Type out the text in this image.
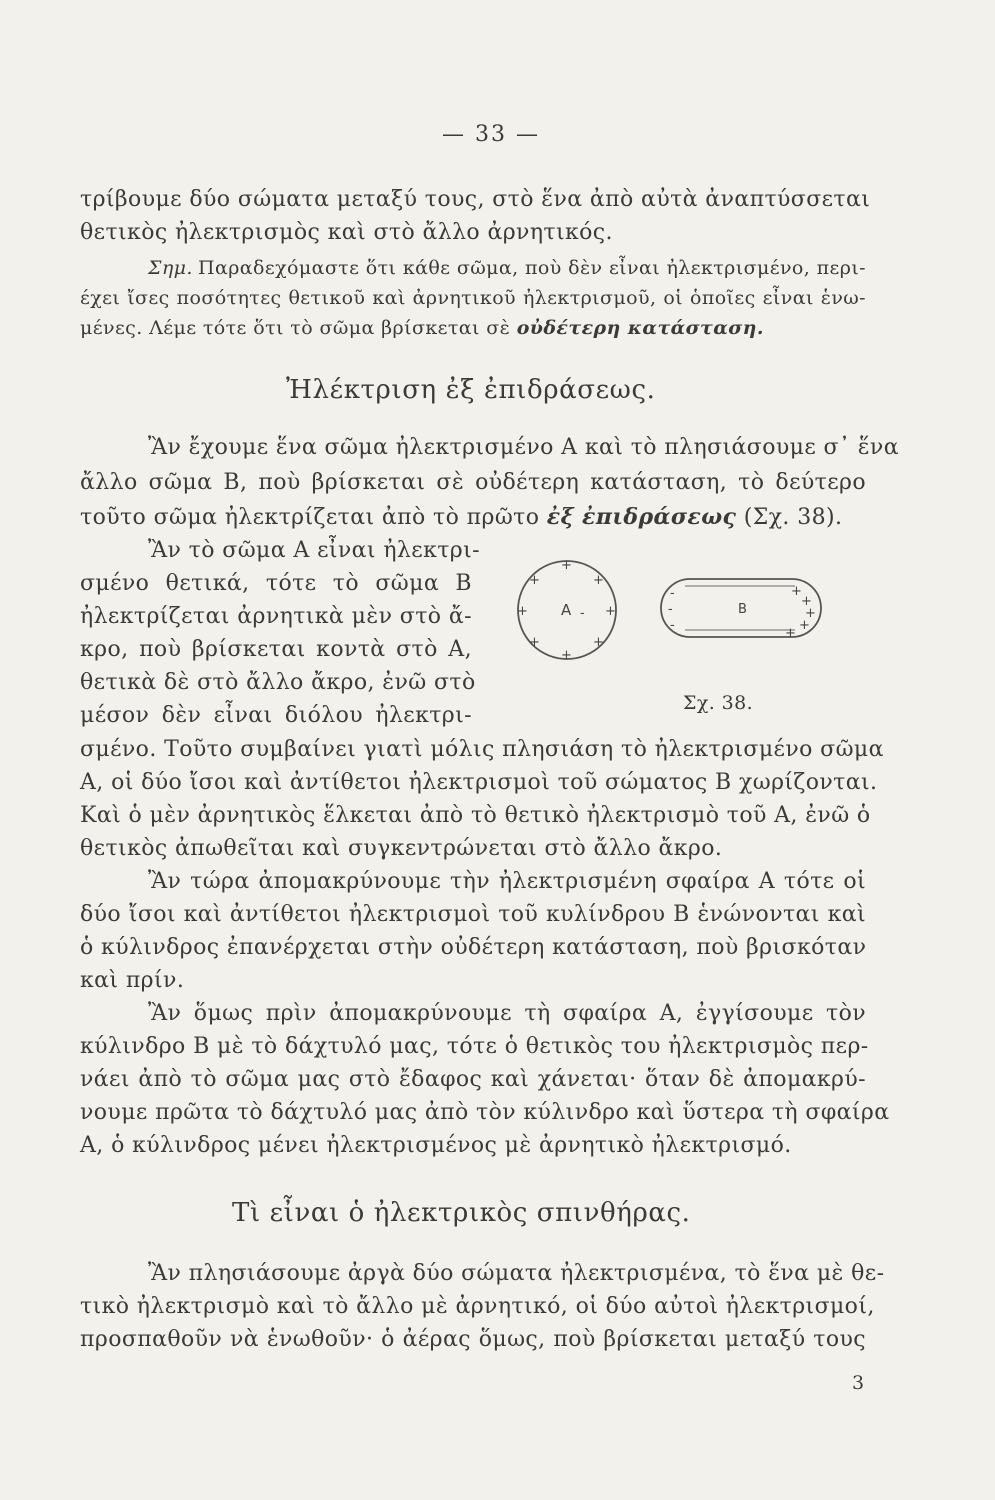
— 33 —
τρίβουμε δύο σώματα μεταξύ τους, στὸ ἕνα ἀπὸ αὐτὰ ἀναπτύσσεται
θετικὸς ἠλεκτρισμὸς καὶ στὸ ἄλλο ἀρνητικός.
Σημ. Παραδεχόμαστε ὅτι κάθε σῶμα, ποὺ δὲν εἶναι ἠλεκτρισμένο, περι-
έχει ἴσες ποσότητες θετικοῦ καὶ ἀρνητικοῦ ἠλεκτρισμοῦ, οἱ ὁποῖες εἶναι ἑνω-
μένες. Λέμε τότε ὅτι τὸ σῶμα βρίσκεται σὲ οὐδέτερη κατάσταση.
Ἠλέκτριση ἐξ ἐπιδράσεως.
Ἂν ἔχουμε ἕνα σῶμα ἠλεκτρισμένο Α καὶ τὸ πλησιάσουμε σ᾽ ἕνα
ἄλλο σῶμα Β, ποὺ βρίσκεται σὲ οὐδέτερη κατάσταση, τὸ δεύτερο
τοῦτο σῶμα ἠλεκτρίζεται ἀπὸ τὸ πρῶτο ἐξ ἐπιδράσεως (Σχ. 38).
Ἂν τὸ σῶμα Α εἶναι ἠλεκτρι-
σμένο θετικά, τότε τὸ σῶμα Β
ἠλεκτρίζεται ἀρνητικὰ μὲν στὸ ἄ-
κρο, ποὺ βρίσκεται κοντὰ στὸ Α,
θετικὰ δὲ στὸ ἄλλο ἄκρο, ἐνῶ στὸ
μέσον δὲν εἶναι διόλου ἠλεκτρι-
Α -
+
+	+
+	+
+	+
+
Β
-
-
-
+
+
+
+
+
Σχ. 38.
σμένο. Τοῦτο συμβαίνει γιατὶ μόλις πλησιάση τὸ ἠλεκτρισμένο σῶμα
Α, οἱ δύο ἴσοι καὶ ἀντίθετοι ἠλεκτρισμοὶ τοῦ σώματος Β χωρίζονται.
Καὶ ὁ μὲν ἀρνητικὸς ἕλκεται ἀπὸ τὸ θετικὸ ἠλεκτρισμὸ τοῦ Α, ἐνῶ ὁ
θετικὸς ἀπωθεῖται καὶ συγκεντρώνεται στὸ ἄλλο ἄκρο.
Ἂν τώρα ἀπομακρύνουμε τὴν ἠλεκτρισμένη σφαίρα Α τότε οἱ
δύο ἴσοι καὶ ἀντίθετοι ἠλεκτρισμοὶ τοῦ κυλίνδρου Β ἑνώνονται καὶ
ὁ κύλινδρος ἐπανέρχεται στὴν οὐδέτερη κατάσταση, ποὺ βρισκόταν
καὶ πρίν.
Ἂν ὅμως πρὶν ἀπομακρύνουμε τὴ σφαίρα Α, ἐγγίσουμε τὸν
κύλινδρο Β μὲ τὸ δάχτυλό μας, τότε ὁ θετικὸς του ἠλεκτρισμὸς περ-
νάει ἀπὸ τὸ σῶμα μας στὸ ἔδαφος καὶ χάνεται· ὅταν δὲ ἀπομακρύ-
νουμε πρῶτα τὸ δάχτυλό μας ἀπὸ τὸν κύλινδρο καὶ ὕστερα τὴ σφαίρα
Α, ὁ κύλινδρος μένει ἠλεκτρισμένος μὲ ἀρνητικὸ ἠλεκτρισμό.
Τὶ εἶναι ὁ ἠλεκτρικὸς σπινθήρας.
Ἂν πλησιάσουμε ἀργὰ δύο σώματα ἠλεκτρισμένα, τὸ ἕνα μὲ θε-
τικὸ ἠλεκτρισμὸ καὶ τὸ ἄλλο μὲ ἀρνητικό, οἱ δύο αὐτοὶ ἠλεκτρισμοί,
προσπαθοῦν νὰ ἑνωθοῦν· ὁ ἀέρας ὅμως, ποὺ βρίσκεται μεταξύ τους
3
